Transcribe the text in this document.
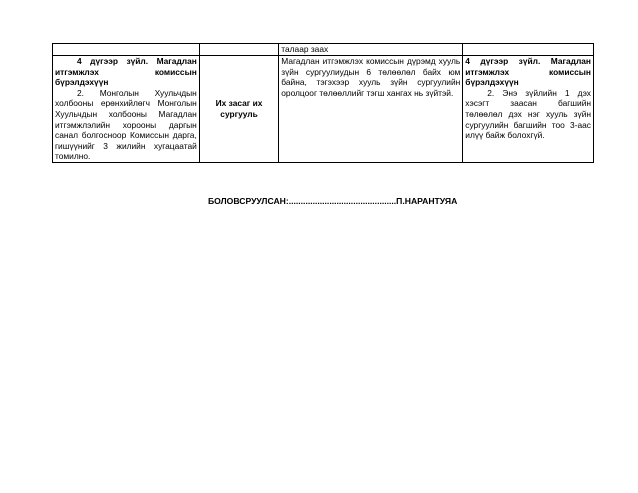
		талаар заах	

4 дүгээр зүйл. Магадлан итгэмжлэх комиссын бүрэлдэхүүн
2. Монголын Хуульчдын холбооны ерөнхийлөгч Монголын Хуульчдын холбооны Магадлан итгэмжлэлийн хорооны даргын санал болгосноор Комиссын дарга, гишүүнийг 3 жилийн хугацаатай томилно.	Их засаг их сургууль	Магадлан итгэмжлэх комиссын дүрэмд хууль зүйн сургуулиудын 6 төлөөлөл байх юм байна, тэгэхээр хууль зүйн сургуулийн оролцоог төлөөллийг тэгш хангах нь зүйтэй.	4 дүгээр зүйл. Магадлан итгэмжлэх комиссын бүрэлдэхүүн
2. Энэ зүйлийн 1 дэх хэсэгт заасан багшийн төлөөлөл дэх нэг хууль зүйн сургуулийн багшийн тоо 3-аас илүү байж болохгүй.
БОЛОВСРУУЛСАН:.............................................П.НАРАНТУЯА
